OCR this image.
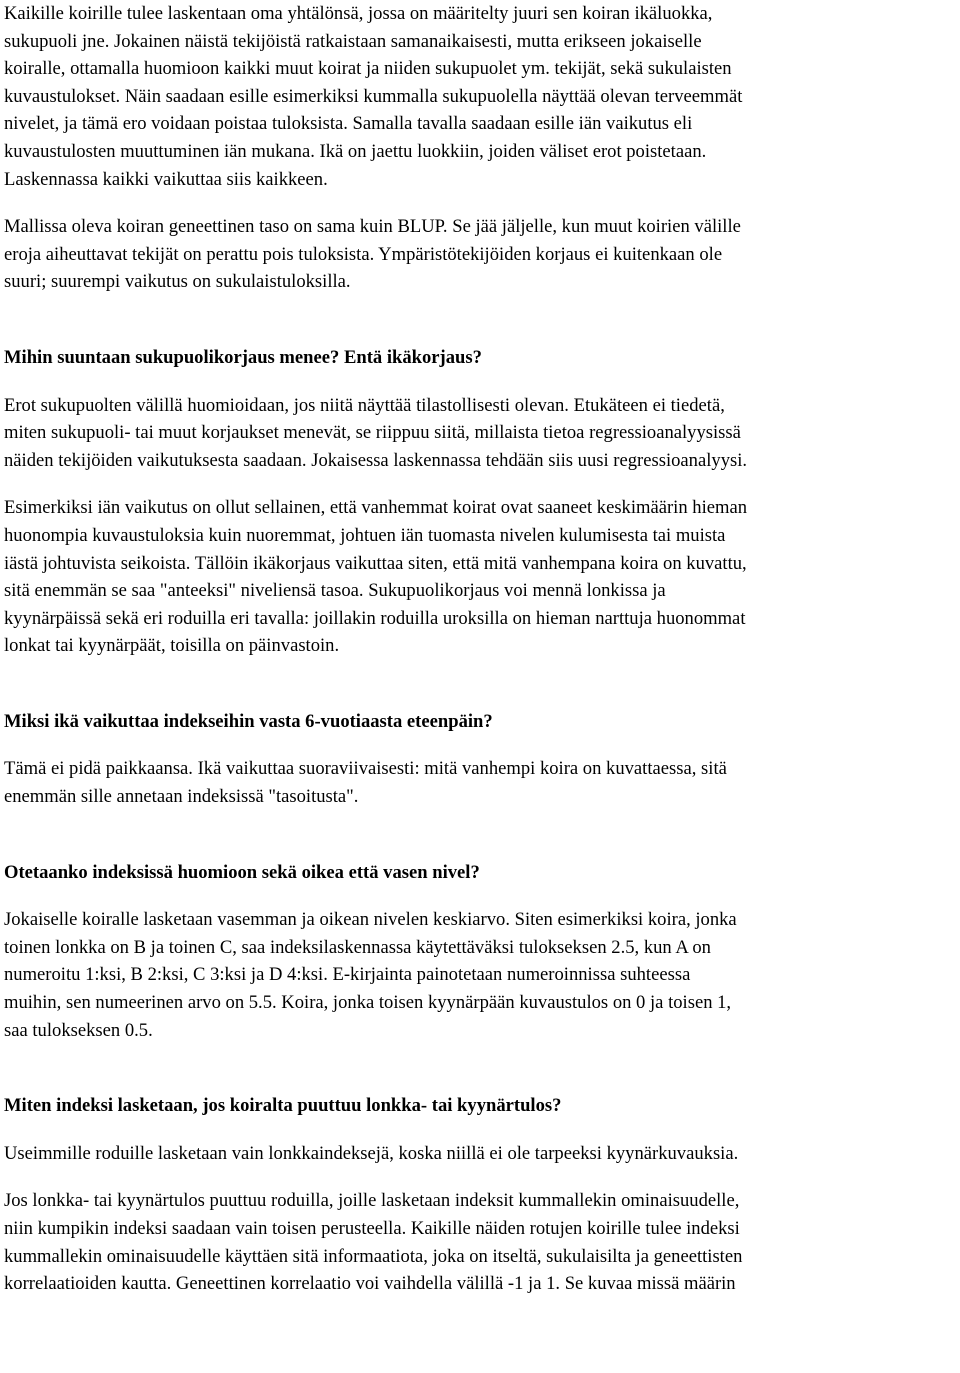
Kaikille koirille tulee laskentaan oma yhtälönsä, jossa on määritelty juuri sen koiran ikäluokka,
sukupuoli jne. Jokainen näistä tekijöistä ratkaistaan samanaikaisesti, mutta erikseen jokaiselle
koiralle, ottamalla huomioon kaikki muut koirat ja niiden sukupuolet ym. tekijät, sekä sukulaisten
kuvaustulokset. Näin saadaan esille esimerkiksi kummalla sukupuolella näyttää olevan terveemmät
nivelet, ja tämä ero voidaan poistaa tuloksista. Samalla tavalla saadaan esille iän vaikutus eli
kuvaustulosten muuttuminen iän mukana. Ikä on jaettu luokkiin, joiden väliset erot poistetaan.
Laskennassa kaikki vaikuttaa siis kaikkeen.

Mallissa oleva koiran geneettinen taso on sama kuin BLUP. Se jää jäljelle, kun muut koirien välille
eroja aiheuttavat tekijät on perattu pois tuloksista. Ympäristötekijöiden korjaus ei kuitenkaan ole
suuri; suurempi vaikutus on sukulaistuloksilla.

Mihin suuntaan sukupuolikorjaus menee? Entä ikäkorjaus?

Erot sukupuolten välillä huomioidaan, jos niitä näyttää tilastollisesti olevan. Etukäteen ei tiedetä,
miten sukupuoli- tai muut korjaukset menevät, se riippuu siitä, millaista tietoa regressioanalyysissä
näiden tekijöiden vaikutuksesta saadaan. Jokaisessa laskennassa tehdään siis uusi regressioanalyysi.

Esimerkiksi iän vaikutus on ollut sellainen, että vanhemmat koirat ovat saaneet keskimäärin hieman
huonompia kuvaustuloksia kuin nuoremmat, johtuen iän tuomasta nivelen kulumisesta tai muista
iästä johtuvista seikoista. Tällöin ikäkorjaus vaikuttaa siten, että mitä vanhempana koira on kuvattu,
sitä enemmän se saa "anteeksi" niveliensä tasoa. Sukupuolikorjaus voi mennä lonkissa ja
kyynärpäissä sekä eri roduilla eri tavalla: joillakin roduilla uroksilla on hieman narttuja huonommat
lonkat tai kyynärpäät, toisilla on päinvastoin.

Miksi ikä vaikuttaa indekseihin vasta 6-vuotiaasta eteenpäin?

Tämä ei pidä paikkaansa. Ikä vaikuttaa suoraviivaisesti: mitä vanhempi koira on kuvattaessa, sitä
enemmän sille annetaan indeksissä "tasoitusta".

Otetaanko indeksissä huomioon sekä oikea että vasen nivel?

Jokaiselle koiralle lasketaan vasemman ja oikean nivelen keskiarvo. Siten esimerkiksi koira, jonka
toinen lonkka on B ja toinen C, saa indeksilaskennassa käytettäväksi tulokseksen 2.5, kun A on
numeroitu 1:ksi, B 2:ksi, C 3:ksi ja D 4:ksi. E-kirjainta painotetaan numeroinnissa suhteessa
muihin, sen numeerinen arvo on 5.5. Koira, jonka toisen kyynärpään kuvaustulos on 0 ja toisen 1,
saa tulokseksen 0.5.

Miten indeksi lasketaan, jos koiralta puuttuu lonkka- tai kyynärtulos?

Useimmille roduille lasketaan vain lonkkaindeksejä, koska niillä ei ole tarpeeksi kyynärkuvauksia.

Jos lonkka- tai kyynärtulos puuttuu roduilla, joille lasketaan indeksit kummallekin ominaisuudelle,
niin kumpikin indeksi saadaan vain toisen perusteella. Kaikille näiden rotujen koirille tulee indeksi
kummallekin ominaisuudelle käyttäen sitä informaatiota, joka on itseltä, sukulaisilta ja geneettisten
korrelaatioiden kautta. Geneettinen korrelaatio voi vaihdella välillä -1 ja 1. Se kuvaa missä määrin
